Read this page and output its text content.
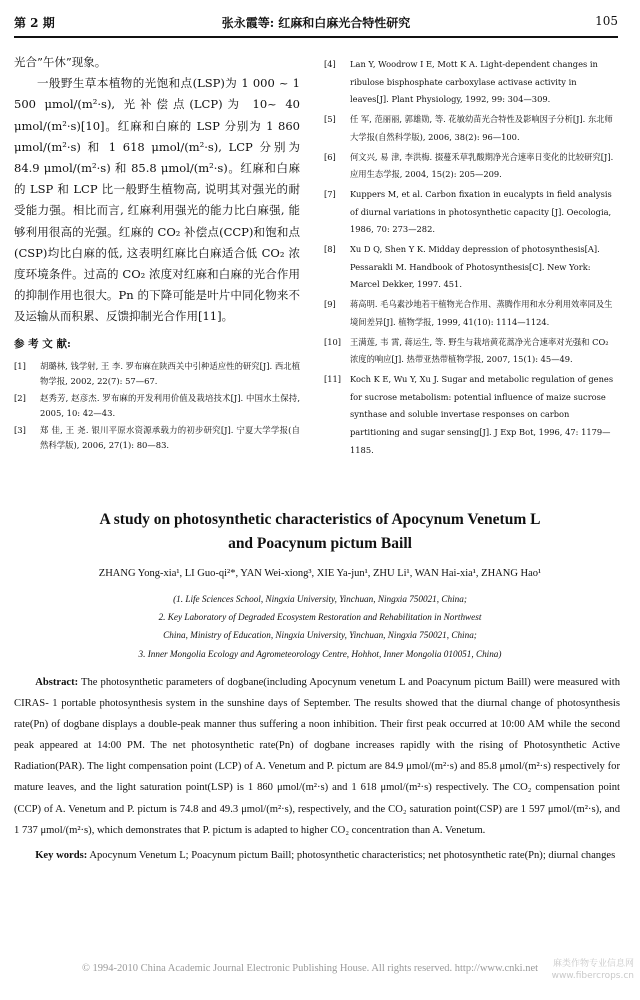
第 2 期	张永霞等: 红麻和白麻光合特性研究	105

光合”午休”现象。

一般野生草本植物的光饱和点(LSP)为 1 000 ~ 1 500 μmol/(m²·s), 光补偿点(LCP)为 10~ 40 μmol/(m²·s)[10]。红麻和白麻的 LSP 分别为 1 860 μmol/(m²·s) 和 1 618 μmol/(m²·s), LCP 分别为 84.9 μmol/(m²·s) 和 85.8 μmol/(m²·s)。红麻和白麻的 LSP 和 LCP 比一般野生植物高, 说明其对强光的耐受能力强。相比而言, 红麻利用强光的能力比白麻强, 能够利用很高的光强。红麻的 CO₂ 补偿点(CCP)和饱和点(CSP)均比白麻的低, 这表明红麻比白麻适合低 CO₂ 浓度环境条件。过高的 CO₂ 浓度对红麻和白麻的光合作用的抑制作用也很大。Pn 的下降可能是叶片中同化物来不及运输从而积累、反馈抑制光合作用[11]。

参 考 文 献:
[1]	胡璐林, 钱学射, 王 李. 罗布麻在陕西关中引种适应性的研究[J]. 西北植物学报, 2002, 22(7): 57—67.
[2]	赵秀芳, 赵彦杰. 罗布麻的开发利用价值及栽培技术[J]. 中国水土保持, 2005, 10: 42—43.
[3]	郑 佳, 王 尧. 银川平原水资源承载力的初步研究[J]. 宁夏大学学报(自然科学版), 2006, 27(1): 80—83.
[4]	Lan Y, Woodrow I E, Mott K A. Light-dependent changes in ribulose bisphosphate carboxylase activase activity in leaves[J]. Plant Physiology, 1992, 99: 304—309.
[5]	任 军, 范丽丽, 郭雄勋, 等. 花敏幼苗光合特性及影响因子分析[J]. 东北师大学报(自然科学版), 2006, 38(2): 96—100.
[6]	何文兴, 易 津, 李洪梅. 掇蔓禾草乳酸期净光合速率日变化的比较研究[J]. 应用生态学报, 2004, 15(2): 205—209.
[7]	Kuppers M, et al. Carbon fixation in eucalypts in field analysis of diurnal variations in photosynthetic capacity [J]. Oecologia, 1986, 70: 273—282.
[8]	Xu D Q, Shen Y K. Midday depression of photosynthesis[A]. Pessarakli M. Handbook of Photosynthesis[C]. New York: Marcel Dekker, 1997. 451.
[9]	蒋高明. 毛乌素沙地若干植物光合作用、蒸腾作用和水分利用效率同及生境间差异[J]. 植物学报, 1999, 41(10): 1114—1124.
[10]	王满莲, 韦 霄, 蒋运生, 等. 野生与栽培黄花蒿净光合速率对光强和 CO₂ 浓度的响应[J]. 热带亚热带植物学报, 2007, 15(1): 45—49.
[11]	Koch K E, Wu Y, Xu J. Sugar and metabolic regulation of genes for sucrose metabolism: potential influence of maize sucrose synthase and soluble invertase responses on carbon partitioning and sugar sensing[J]. J Exp Bot, 1996, 47: 1179—1185.
A study on photosynthetic characteristics of Apocynum Venetum L
and Poacynum pictum Baill
ZHANG Yong-xia¹, LI Guo-qi²*, YAN Wei-xiong³, XIE Ya-jun¹, ZHU Li¹, WAN Hai-xia¹, ZHANG Hao¹
(1. Life Sciences School, Ningxia University, Yinchuan, Ningxia 750021, China;
2. Key Laboratory of Degraded Ecosystem Restoration and Rehabilitation in Northwest
China, Ministry of Education, Ningxia University, Yinchuan, Ningxia 750021, China;
3. Inner Mongolia Ecology and Agrometeorology Centre, Hohhot, Inner Mongolia 010051, China)

Abstract: The photosynthetic parameters of dogbane(including Apocynum venetum L and Poacynum pictum Baill) were measured with CIRAS- 1 portable photosynthesis system in the sunshine days of September. The results showed that the diurnal change of photosynthesis rate(Pn) of dogbane displays a double-peak manner thus suffering a noon inhibition. Their first peak occurred at 10:00 AM while the second peak appeared at 14:00 PM. The net photosynthetic rate(Pn) of dogbane increases rapidly with the rising of Photosynthetic Active Radiation(PAR). The light compensation point (LCP) of A. Venetum and P. pictum are 84.9 μmol/(m²·s) and 85.8 μmol/(m²·s) respectively for mature leaves, and the light saturation point(LSP) is 1 860 μmol/(m²·s) and 1 618 μmol/(m²·s) respectively. The CO₂ compensation point (CCP) of A. Venetum and P. pictum is 74.8 and 49.3 μmol/(m²·s), respectively, and the CO₂ saturation point(CSP) are 1 597 μmol/(m²·s), and 1 737 μmol/(m²·s), which demonstrates that P. pictum is adapted to higher CO₂ concentration than A. Venetum.

Key words: Apocynum Venetum L; Poacynum pictum Baill; photosynthetic characteristics; net photosynthetic rate(Pn); diurnal changes

© 1994-2010 China Academic Journal Electronic Publishing House. All rights reserved. http://www.cnki.net	麻类作物专业信息网
www.fibercrops.cn
